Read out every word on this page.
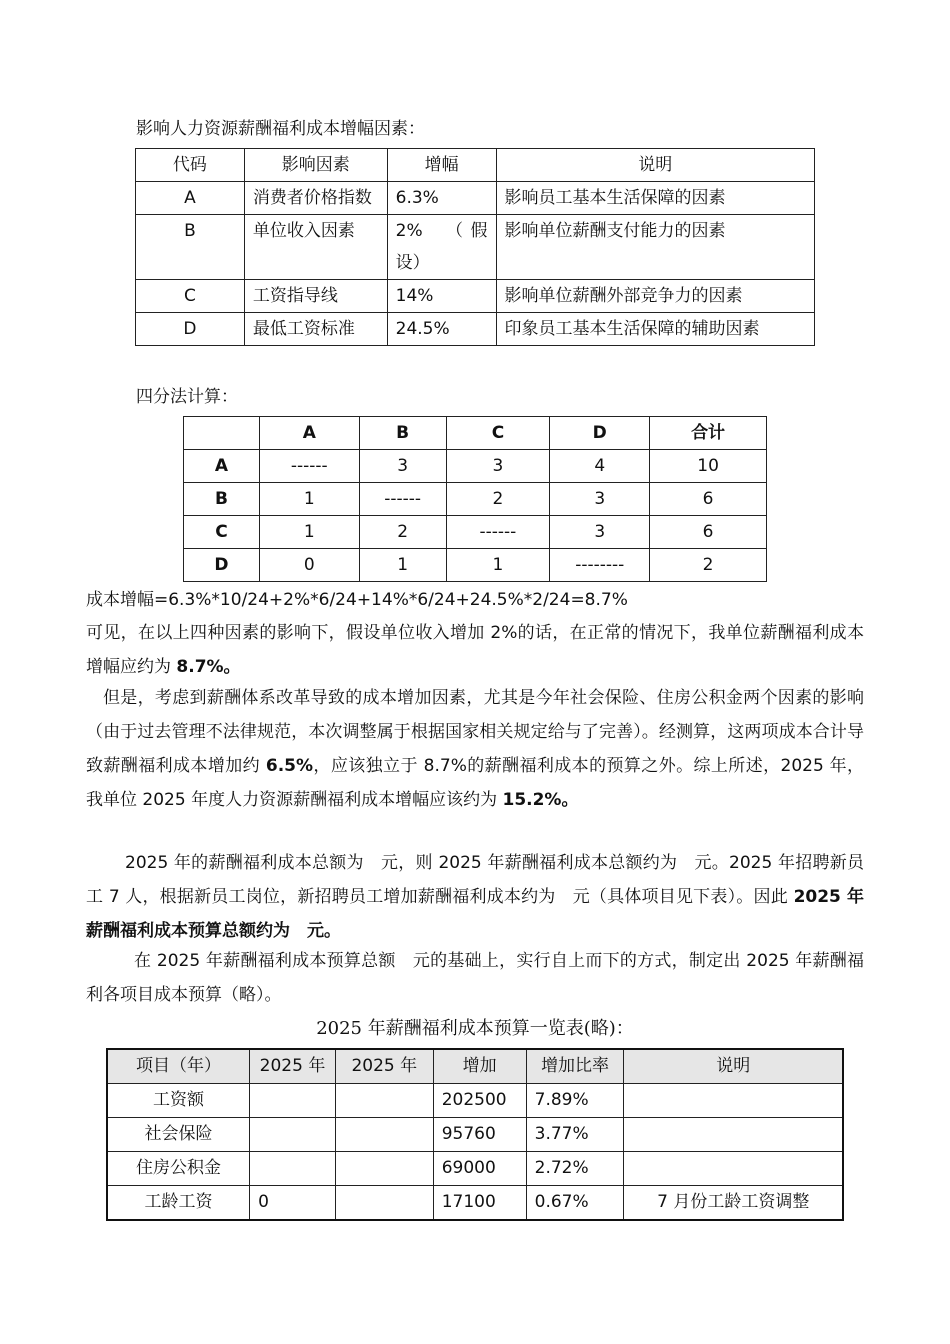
影响人力资源薪酬福利成本增幅因素：
代码	影响因素	增幅	说明
A	消费者价格指数	6.3%	影响员工基本生活保障的因素
B	单位收入因素	2%　（假设）	影响单位薪酬支付能力的因素
C	工资指导线	14%	影响单位薪酬外部竞争力的因素
D	最低工资标准	24.5%	印象员工基本生活保障的辅助因素
四分法计算：
	A	B	C	D	合计
A	------	3	3	4	10
B	1	------	2	3	6
C	1	2	------	3	6
D	0	1	1	--------	2
成本增幅=6.3%*10/24+2%*6/24+14%*6/24+24.5%*2/24=8.7%
可见，在以上四种因素的影响下，假设单位收入增加 2%的话，在正常的情况下，我单位薪酬福利成本增幅应约为 8.7%。
但是，考虑到薪酬体系改革导致的成本增加因素，尤其是今年社会保险、住房公积金两个因素的影响（由于过去管理不法律规范，本次调整属于根据国家相关规定给与了完善）。经测算，这两项成本合计导致薪酬福利成本增加约 6.5%，应该独立于 8.7%的薪酬福利成本的预算之外。综上所述，2025 年，我单位 2025 年度人力资源薪酬福利成本增幅应该约为 15.2%。
2025 年的薪酬福利成本总额为　元，则 2025 年薪酬福利成本总额约为　元。2025 年招聘新员工 7 人，根据新员工岗位，新招聘员工增加薪酬福利成本约为　元（具体项目见下表）。因此 2025 年薪酬福利成本预算总额约为　元。
在 2025 年薪酬福利成本预算总额　元的基础上，实行自上而下的方式，制定出 2025 年薪酬福利各项目成本预算（略）。
2025 年薪酬福利成本预算一览表(略)：
项目（年）	2025 年	2025 年	增加	增加比率	说明
工资额			202500	7.89%	
社会保险			95760	3.77%	
住房公积金			69000	2.72%	
工龄工资	0		17100	0.67%	7 月份工龄工资调整
